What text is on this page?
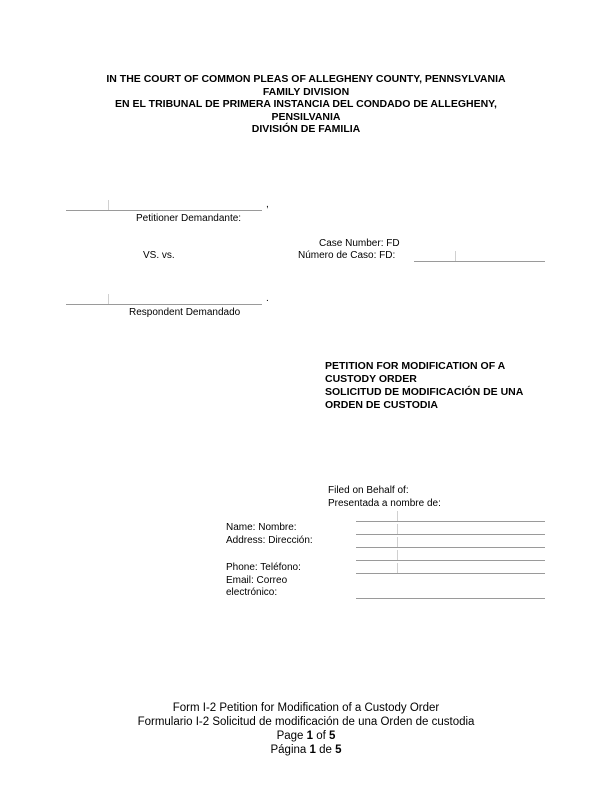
IN THE COURT OF COMMON PLEAS OF ALLEGHENY COUNTY, PENNSYLVANIA
FAMILY DIVISION
EN EL TRIBUNAL DE PRIMERA INSTANCIA DEL CONDADO DE ALLEGHENY,
PENSILVANIA
DIVISIÓN DE FAMILIA
,
Petitioner Demandante:
VS. vs.
Case Number: FD
Número de Caso: FD:
.
Respondent Demandado
PETITION FOR MODIFICATION OF A
CUSTODY ORDER
SOLICITUD DE MODIFICACIÓN DE UNA
ORDEN DE CUSTODIA
Filed on Behalf of:
Presentada a nombre de:
Name: Nombre:
Address: Dirección:
Phone: Teléfono:
Email: Correo
electrónico:
Form I-2 Petition for Modification of a Custody Order
Formulario I-2 Solicitud de modificación de una Orden de custodia
Page 1 of 5
Página 1 de 5
